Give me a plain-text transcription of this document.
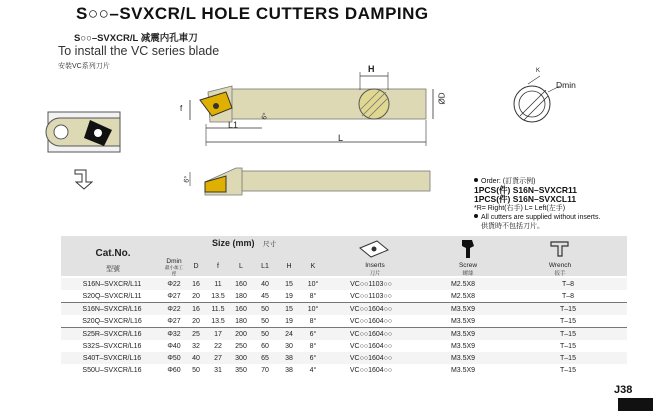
S○○–SVXCR/L HOLE CUTTERS DAMPING
S○○–SVXCR/L 减震内孔車刀
To install the VC series blade
安裝VC系列刀片	H
ØD
f
L1
L
6°
6°
K
Dmin
Order: (訂貨示例)
1PCS(件) S16N–SVXCR11
1PCS(件) S16N–SVXCL11
*R= Right(右手) L= Left(左手)
All cutters are supplied without inserts.
供貨時不包括刀片。
Cat.No.
型號
Size (mm) 尺寸
Dmin
最小加工徑
D	f	L	L1	H	K	Inserts
刀片
Screw
螺絲
Wrench
扳手
S16N–SVXCR/L11	Φ22	16	11	160	40	15	10°	VC○○1103○○	M2.5X8	T–8
S20Q–SVXCR/L11	Φ27	20	13.5	180	45	19	8°	VC○○1103○○	M2.5X8	T–8
S16N–SVXCR/L16	Φ22	16	11.5	160	50	15	10°	VC○○1604○○	M3.5X9	T–15
S20Q–SVXCR/L16	Φ27	20	13.5	180	50	19	8°	VC○○1604○○	M3.5X9	T–15
S25R–SVXCR/L16	Φ32	25	17	200	50	24	6°	VC○○1604○○	M3.5X9	T–15
S32S–SVXCR/L16	Φ40	32	22	250	60	30	8°	VC○○1604○○	M3.5X9	T–15
S40T–SVXCR/L16	Φ50	40	27	300	65	38	6°	VC○○1604○○	M3.5X9	T–15
S50U–SVXCR/L16	Φ60	50	31	350	70	38	4°	VC○○1604○○	M3.5X9	T–15
J38
